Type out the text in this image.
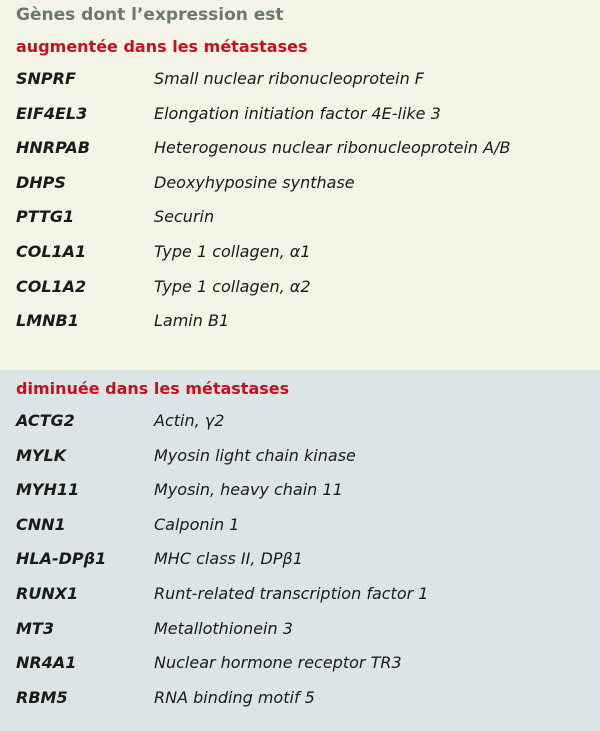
Gènes dont l’expression est
augmentée dans les métastases
SNPRF	Small nuclear ribonucleoprotein F
EIF4EL3	Elongation initiation factor 4E-like 3
HNRPAB	Heterogenous nuclear ribonucleoprotein A/B
DHPS	Deoxyhyposine synthase
PTTG1	Securin
COL1A1	Type 1 collagen, α1
COL1A2	Type 1 collagen, α2
LMNB1	Lamin B1
diminuée dans les métastases
ACTG2	Actin, γ2
MYLK	Myosin light chain kinase
MYH11	Myosin, heavy chain 11
CNN1	Calponin 1
HLA-DPβ1	MHC class II, DPβ1
RUNX1	Runt-related transcription factor 1
MT3	Metallothionein 3
NR4A1	Nuclear hormone receptor TR3
RBM5	RNA binding motif 5
